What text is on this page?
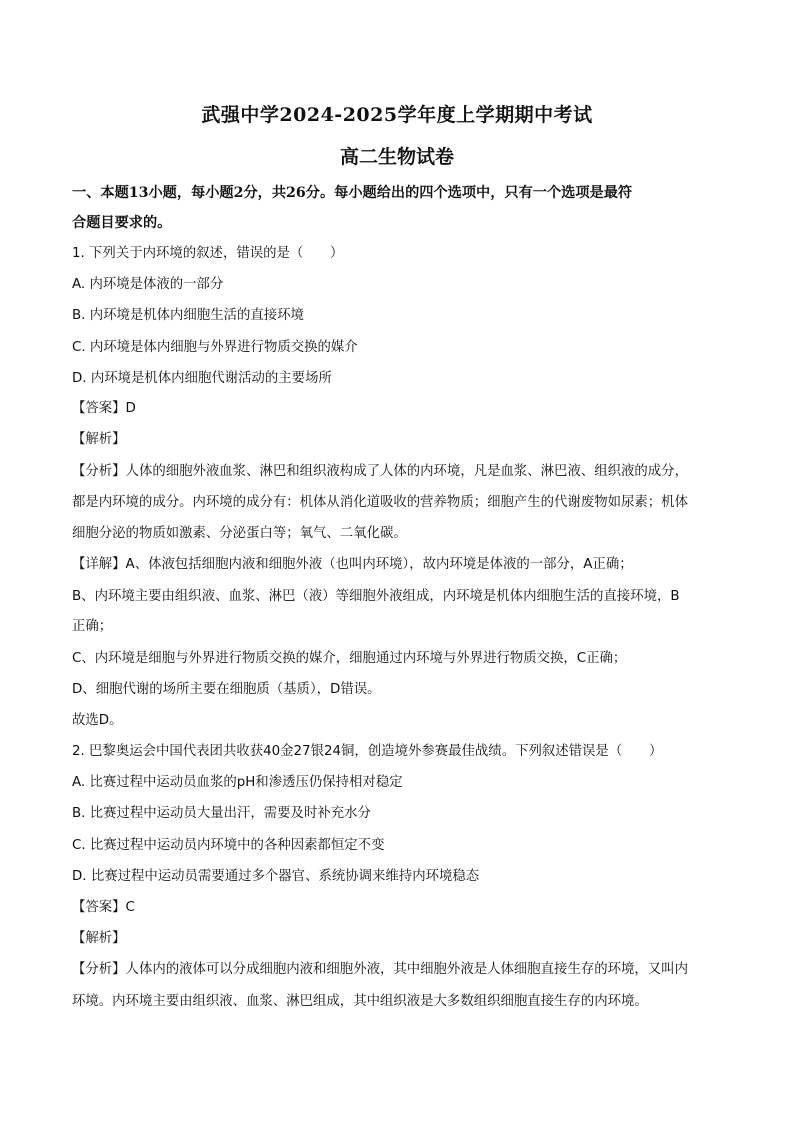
武强中学2024-2025学年度上学期期中考试
高二生物试卷
一、本题13小题，每小题2分，共26分。每小题给出的四个选项中，只有一个选项是最符
合题目要求的。
1. 下列关于内环境的叙述，错误的是（　　）
A. 内环境是体液的一部分
B. 内环境是机体内细胞生活的直接环境
C. 内环境是体内细胞与外界进行物质交换的媒介
D. 内环境是机体内细胞代谢活动的主要场所
【答案】D
【解析】
【分析】人体的细胞外液血浆、淋巴和组织液构成了人体的内环境，凡是血浆、淋巴液、组织液的成分，
都是内环境的成分。内环境的成分有：机体从消化道吸收的营养物质；细胞产生的代谢废物如尿素；机体
细胞分泌的物质如激素、分泌蛋白等；氧气、二氧化碳。
【详解】A、体液包括细胞内液和细胞外液（也叫内环境），故内环境是体液的一部分，A正确；
B、内环境主要由组织液、血浆、淋巴（液）等细胞外液组成，内环境是机体内细胞生活的直接环境，B
正确；
C、内环境是细胞与外界进行物质交换的媒介，细胞通过内环境与外界进行物质交换，C正确；
D、细胞代谢的场所主要在细胞质（基质），D错误。
故选D。
2. 巴黎奥运会中国代表团共收获40金27银24铜，创造境外参赛最佳战绩。下列叙述错误是（　　）
A. 比赛过程中运动员血浆的pH和渗透压仍保持相对稳定
B. 比赛过程中运动员大量出汗，需要及时补充水分
C. 比赛过程中运动员内环境中的各种因素都恒定不变
D. 比赛过程中运动员需要通过多个器官、系统协调来维持内环境稳态
【答案】C
【解析】
【分析】人体内的液体可以分成细胞内液和细胞外液，其中细胞外液是人体细胞直接生存的环境，又叫内
环境。内环境主要由组织液、血浆、淋巴组成，其中组织液是大多数组织细胞直接生存的内环境。
